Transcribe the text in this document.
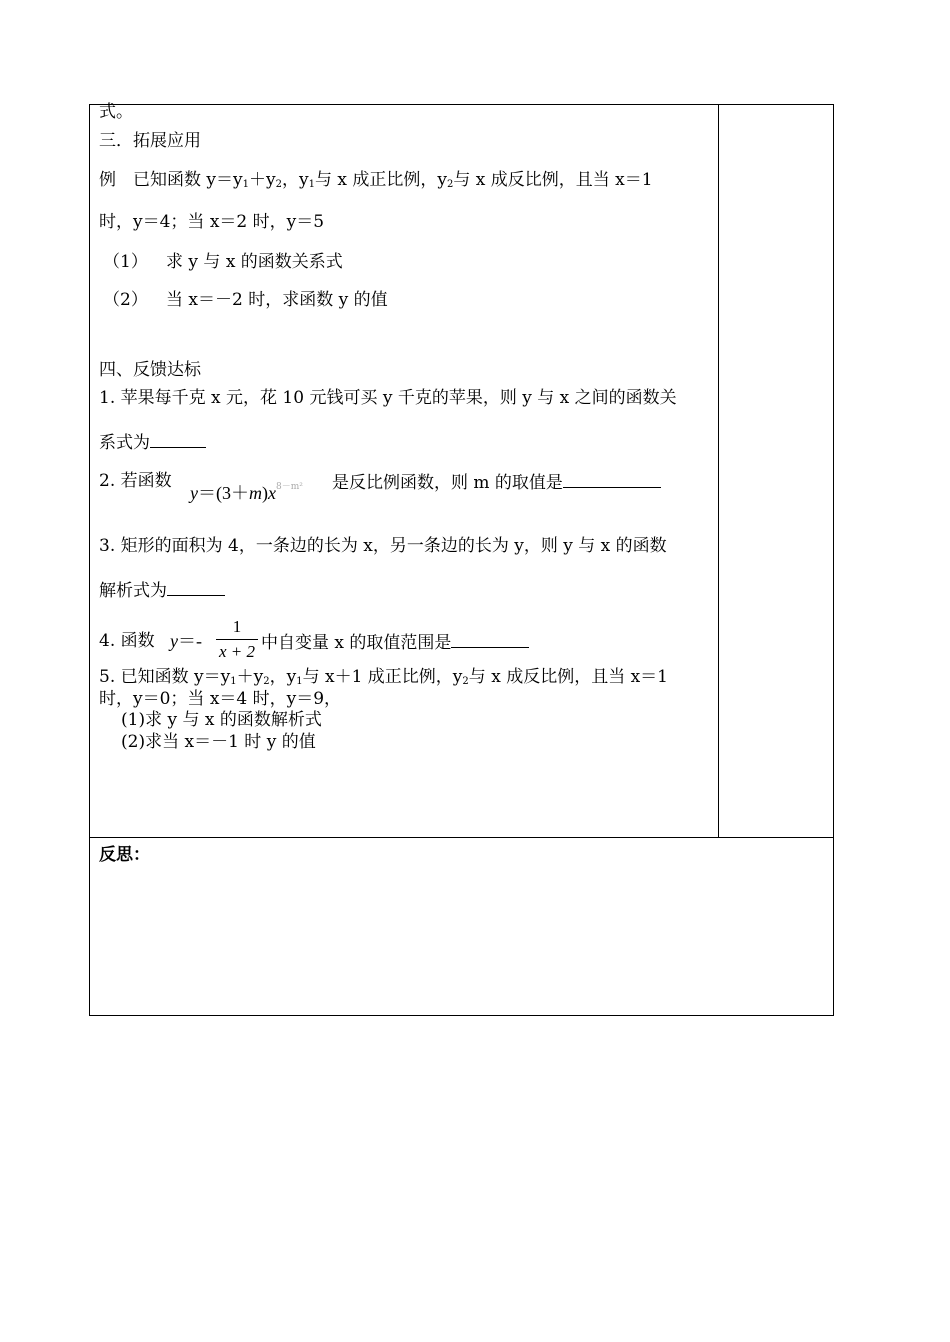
式。
三．拓展应用
例　已知函数 $y=y_1+y_2$，$y_1$与 x 成正比例，$y_2$与 x 成反比例，且当 x＝1
时，y＝4；当 x＝2 时，y＝5
（1） 求 y 与 x 的函数关系式
（2） 当 x＝－2 时，求函数 y 的值
四、反馈达标
1. 苹果每千克 x 元，花 10 元钱可买 y 千克的苹果，则 y 与 x 之间的函数关
系式为
2. 若函数
$y=(3+m)x^{8-m^2}$ 是反比例函数，则 m 的取值是
3. 矩形的面积为 4，一条边的长为 x，另一条边的长为 y，则 y 与 x 的函数
解析式为
4. 函数 y＝-
1
x + 2 中自变量 x 的取值范围是
5. 已知函数 $y=y_1+y_2$，$y_1$与 x＋1 成正比例，$y_2$与 x 成反比例，且当 x＝1
时，y＝0；当 x＝4 时，y＝9，
(1)求 y 与 x 的函数解析式
(2)求当 x＝－1 时 y 的值
反思：
